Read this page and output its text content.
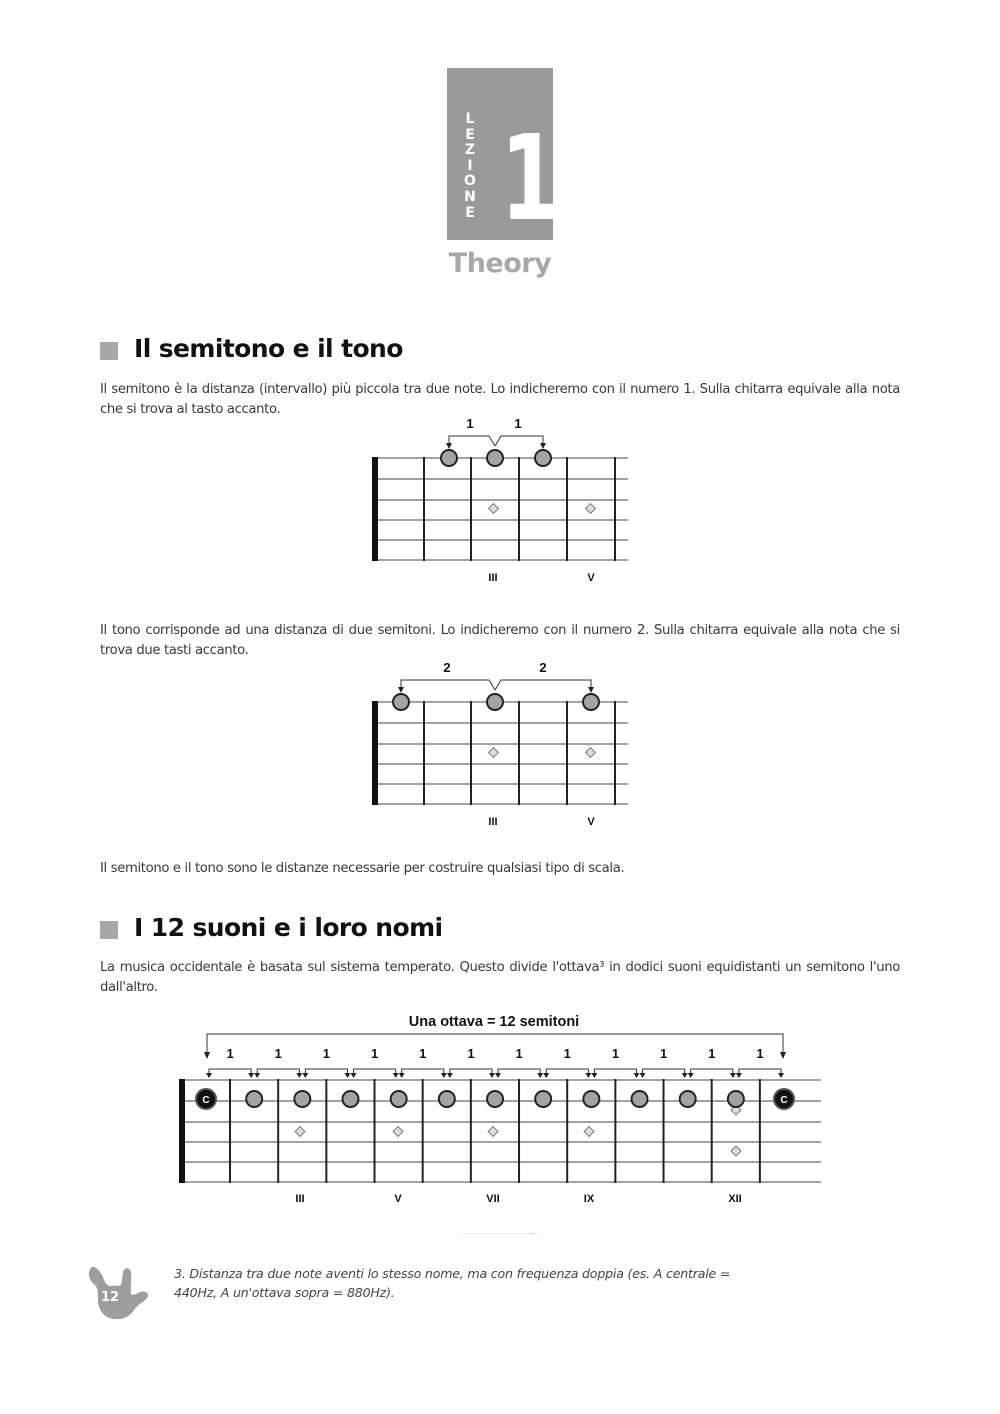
L
E
Z
I
O
N
E 1
Theory
Il semitono e il tono
Il semitono è la distanza (intervallo) più piccola tra due note. Lo indicheremo con il numero 1. Sulla chitarra equivale alla nota che si trova al tasto accanto.
1	1
III	V
Il tono corrisponde ad una distanza di due semitoni. Lo indicheremo con il numero 2. Sulla chitarra equivale alla nota che si trova due tasti accanto.
2	2
III	V
Il semitono e il tono sono le distanze necessarie per costruire qualsiasi tipo di scala.
I 12 suoni e i loro nomi
La musica occidentale è basata sul sistema temperato. Questo divide l'ottava³ in dodici suoni equidistanti un semitono l'uno dall'altro.
Una ottava = 12 semitoni
1	1	1	1	1	1	1	1	1	1	1	1
C	C
III	V	VII	IX	XII
12
3. Distanza tra due note aventi lo stesso nome, ma con frequenza doppia (es. A centrale = 440Hz, A un'ottava sopra = 880Hz).
